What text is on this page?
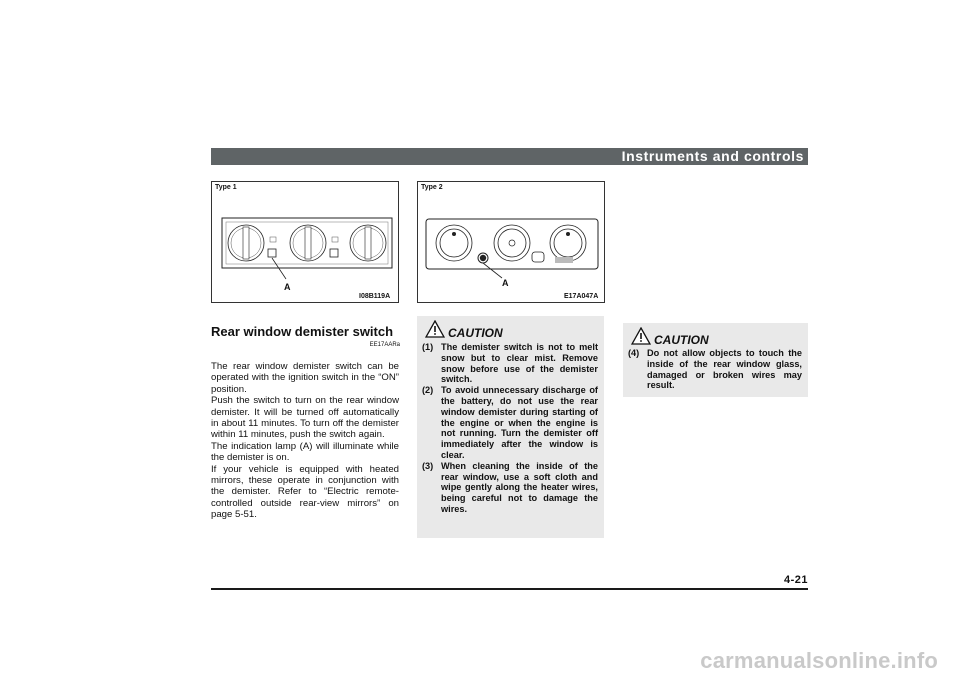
Instruments and controls
Type 1
A
I08B119A
Type 2
A
E17A047A
Rear window demister switch
EE17AARa

The rear window demister switch can be operated with the ignition switch in the “ON” position.

Push the switch to turn on the rear window demister. It will be turned off automatically in about 11 minutes. To turn off the demister within 11 minutes, push the switch again.

The indication lamp (A) will illuminate while the demister is on.

If your vehicle is equipped with heated mirrors, these operate in conjunction with the demister. Refer to “Electric remote-controlled outside rear-view mirrors” on page 5-51.

CAUTION
(1) The demister switch is not to melt snow but to clear mist. Remove snow before use of the demister switch.
(2) To avoid unnecessary discharge of the battery, do not use the rear window demister during starting of the engine or when the engine is not running. Turn the demister off immediately after the window is clear.
(3) When cleaning the inside of the rear window, use a soft cloth and wipe gently along the heater wires, being careful not to damage the wires.
CAUTION
(4) Do not allow objects to touch the inside of the rear window glass, damaged or broken wires may result.
4-21
carmanualsonline.info
